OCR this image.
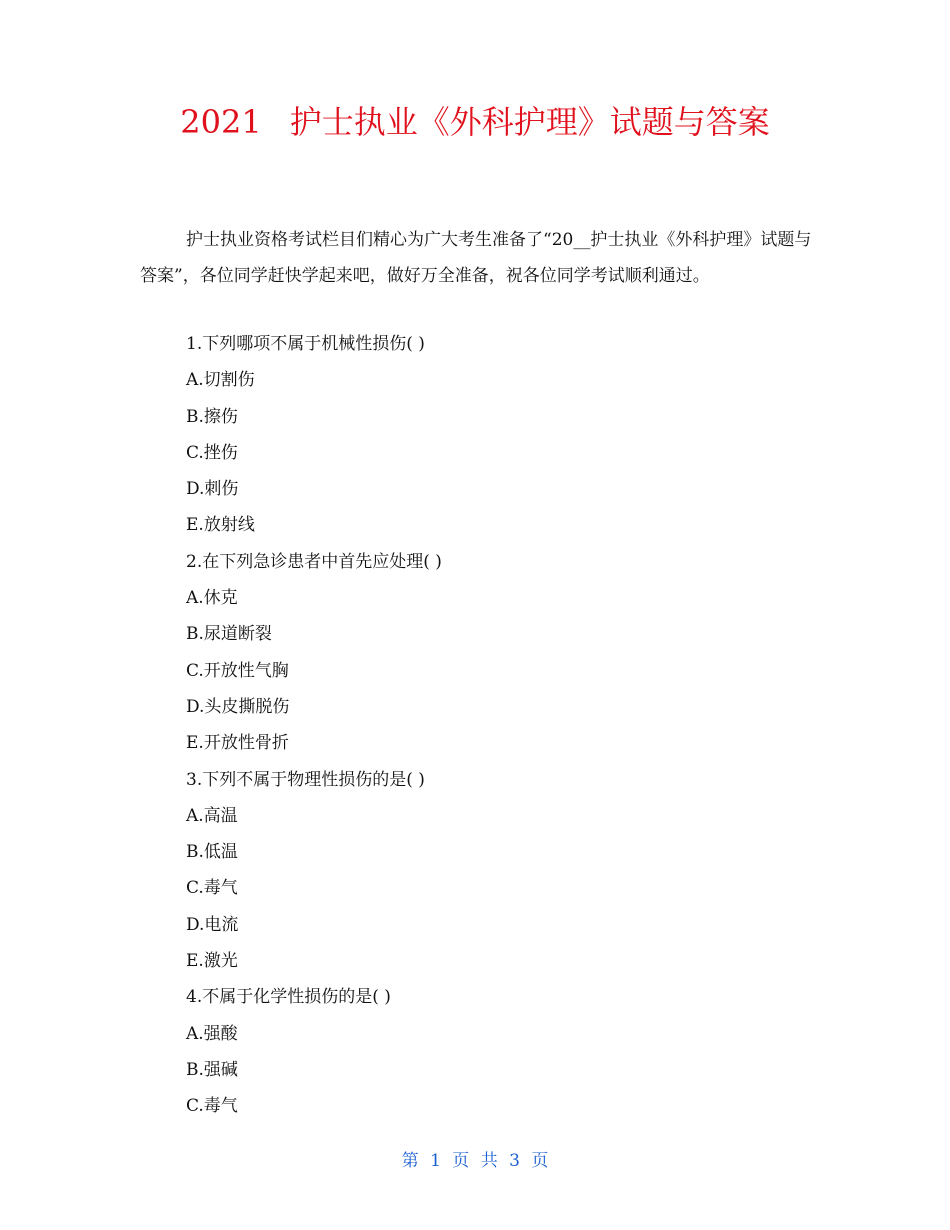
2021 护士执业《外科护理》试题与答案

护士执业资格考试栏目们精心为广大考生准备了“20__护士执业《外科护理》试题与答案”，各位同学赶快学起来吧，做好万全准备，祝各位同学考试顺利通过。

1.下列哪项不属于机械性损伤( )
A.切割伤
B.擦伤
C.挫伤
D.刺伤
E.放射线
2.在下列急诊患者中首先应处理( )
A.休克
B.尿道断裂
C.开放性气胸
D.头皮撕脱伤
E.开放性骨折
3.下列不属于物理性损伤的是( )
A.高温
B.低温
C.毒气
D.电流
E.激光
4.不属于化学性损伤的是( )
A.强酸
B.强碱
C.毒气
第 1 页 共 3 页
